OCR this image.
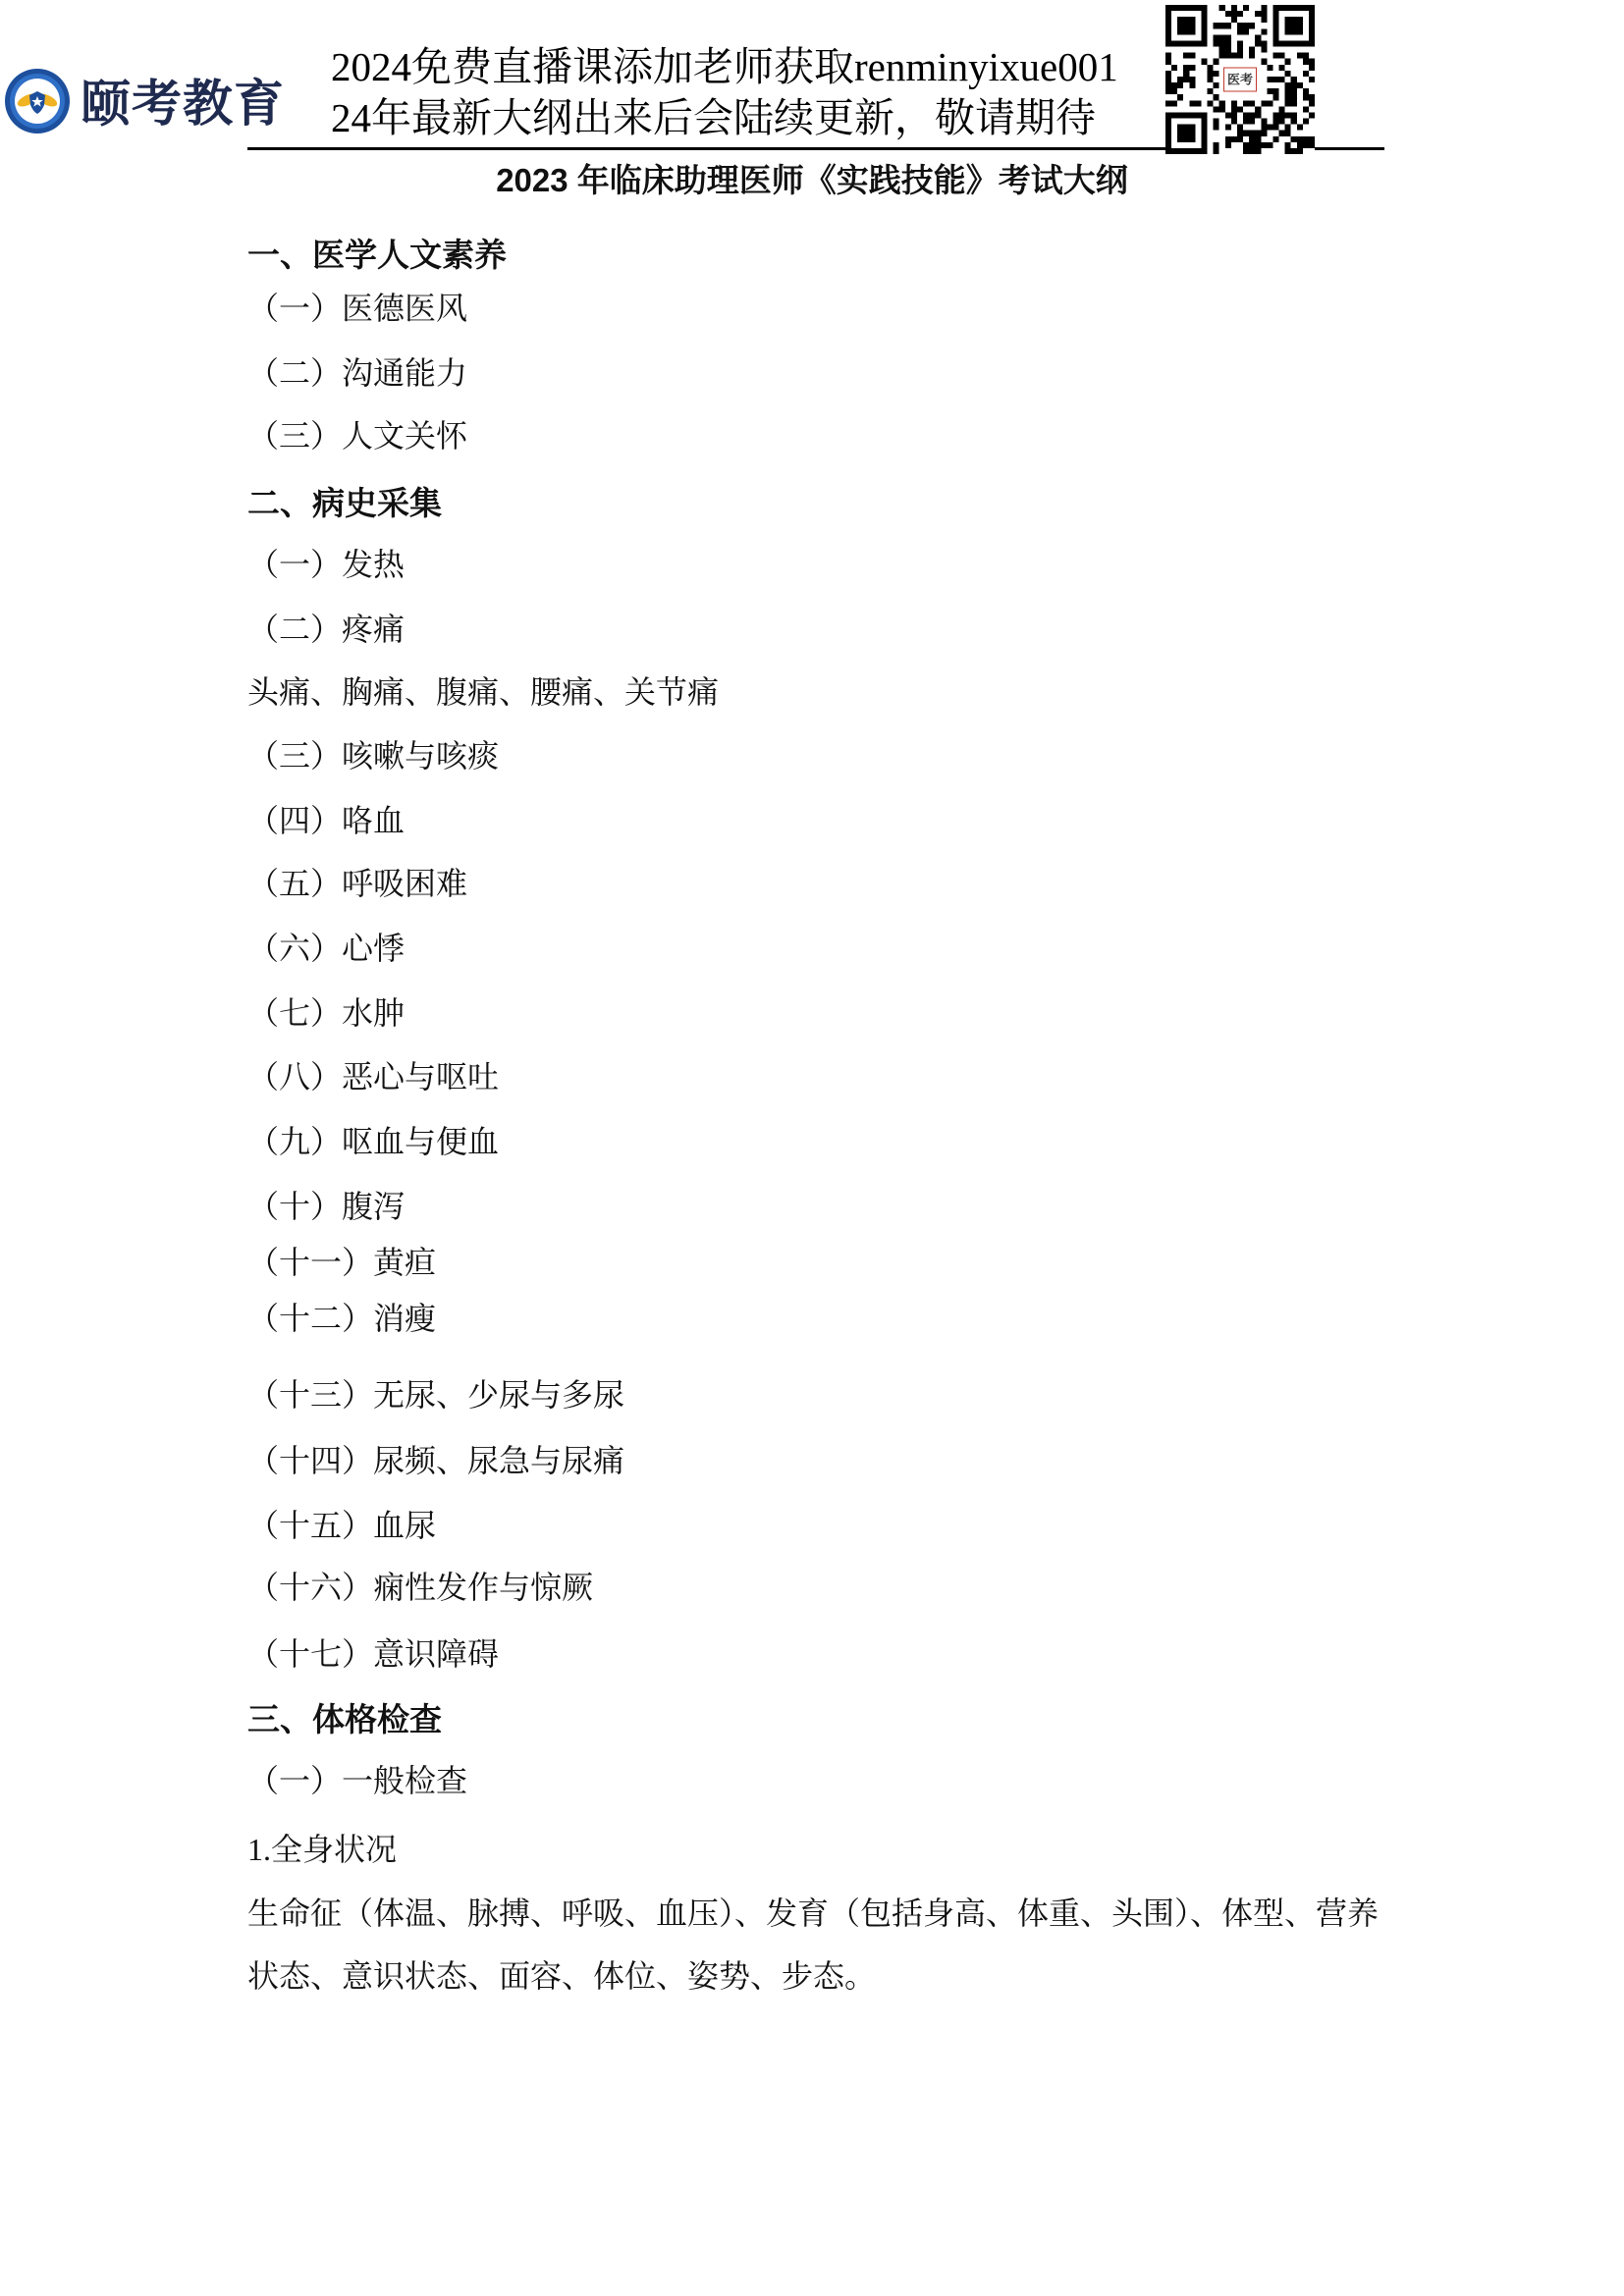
颐考教育
2024免费直播课添加老师获取renminyixue001
24年最新大纲出来后会陆续更新，敬请期待
医考
2023 年临床助理医师《实践技能》考试大纲
一、医学人文素养
（一）医德医风
（二）沟通能力
（三）人文关怀
二、病史采集
（一）发热
（二）疼痛
头痛、胸痛、腹痛、腰痛、关节痛
（三）咳嗽与咳痰
（四）咯血
（五）呼吸困难
（六）心悸
（七）水肿
（八）恶心与呕吐
（九）呕血与便血
（十）腹泻
（十一）黄疸
（十二）消瘦
（十三）无尿、少尿与多尿
（十四）尿频、尿急与尿痛
（十五）血尿
（十六）痫性发作与惊厥
（十七）意识障碍
三、体格检查
（一）一般检查
1.全身状况
生命征（体温、脉搏、呼吸、血压）、发育（包括身高、体重、头围）、体型、营养状态、意识状态、面容、体位、姿势、步态。
